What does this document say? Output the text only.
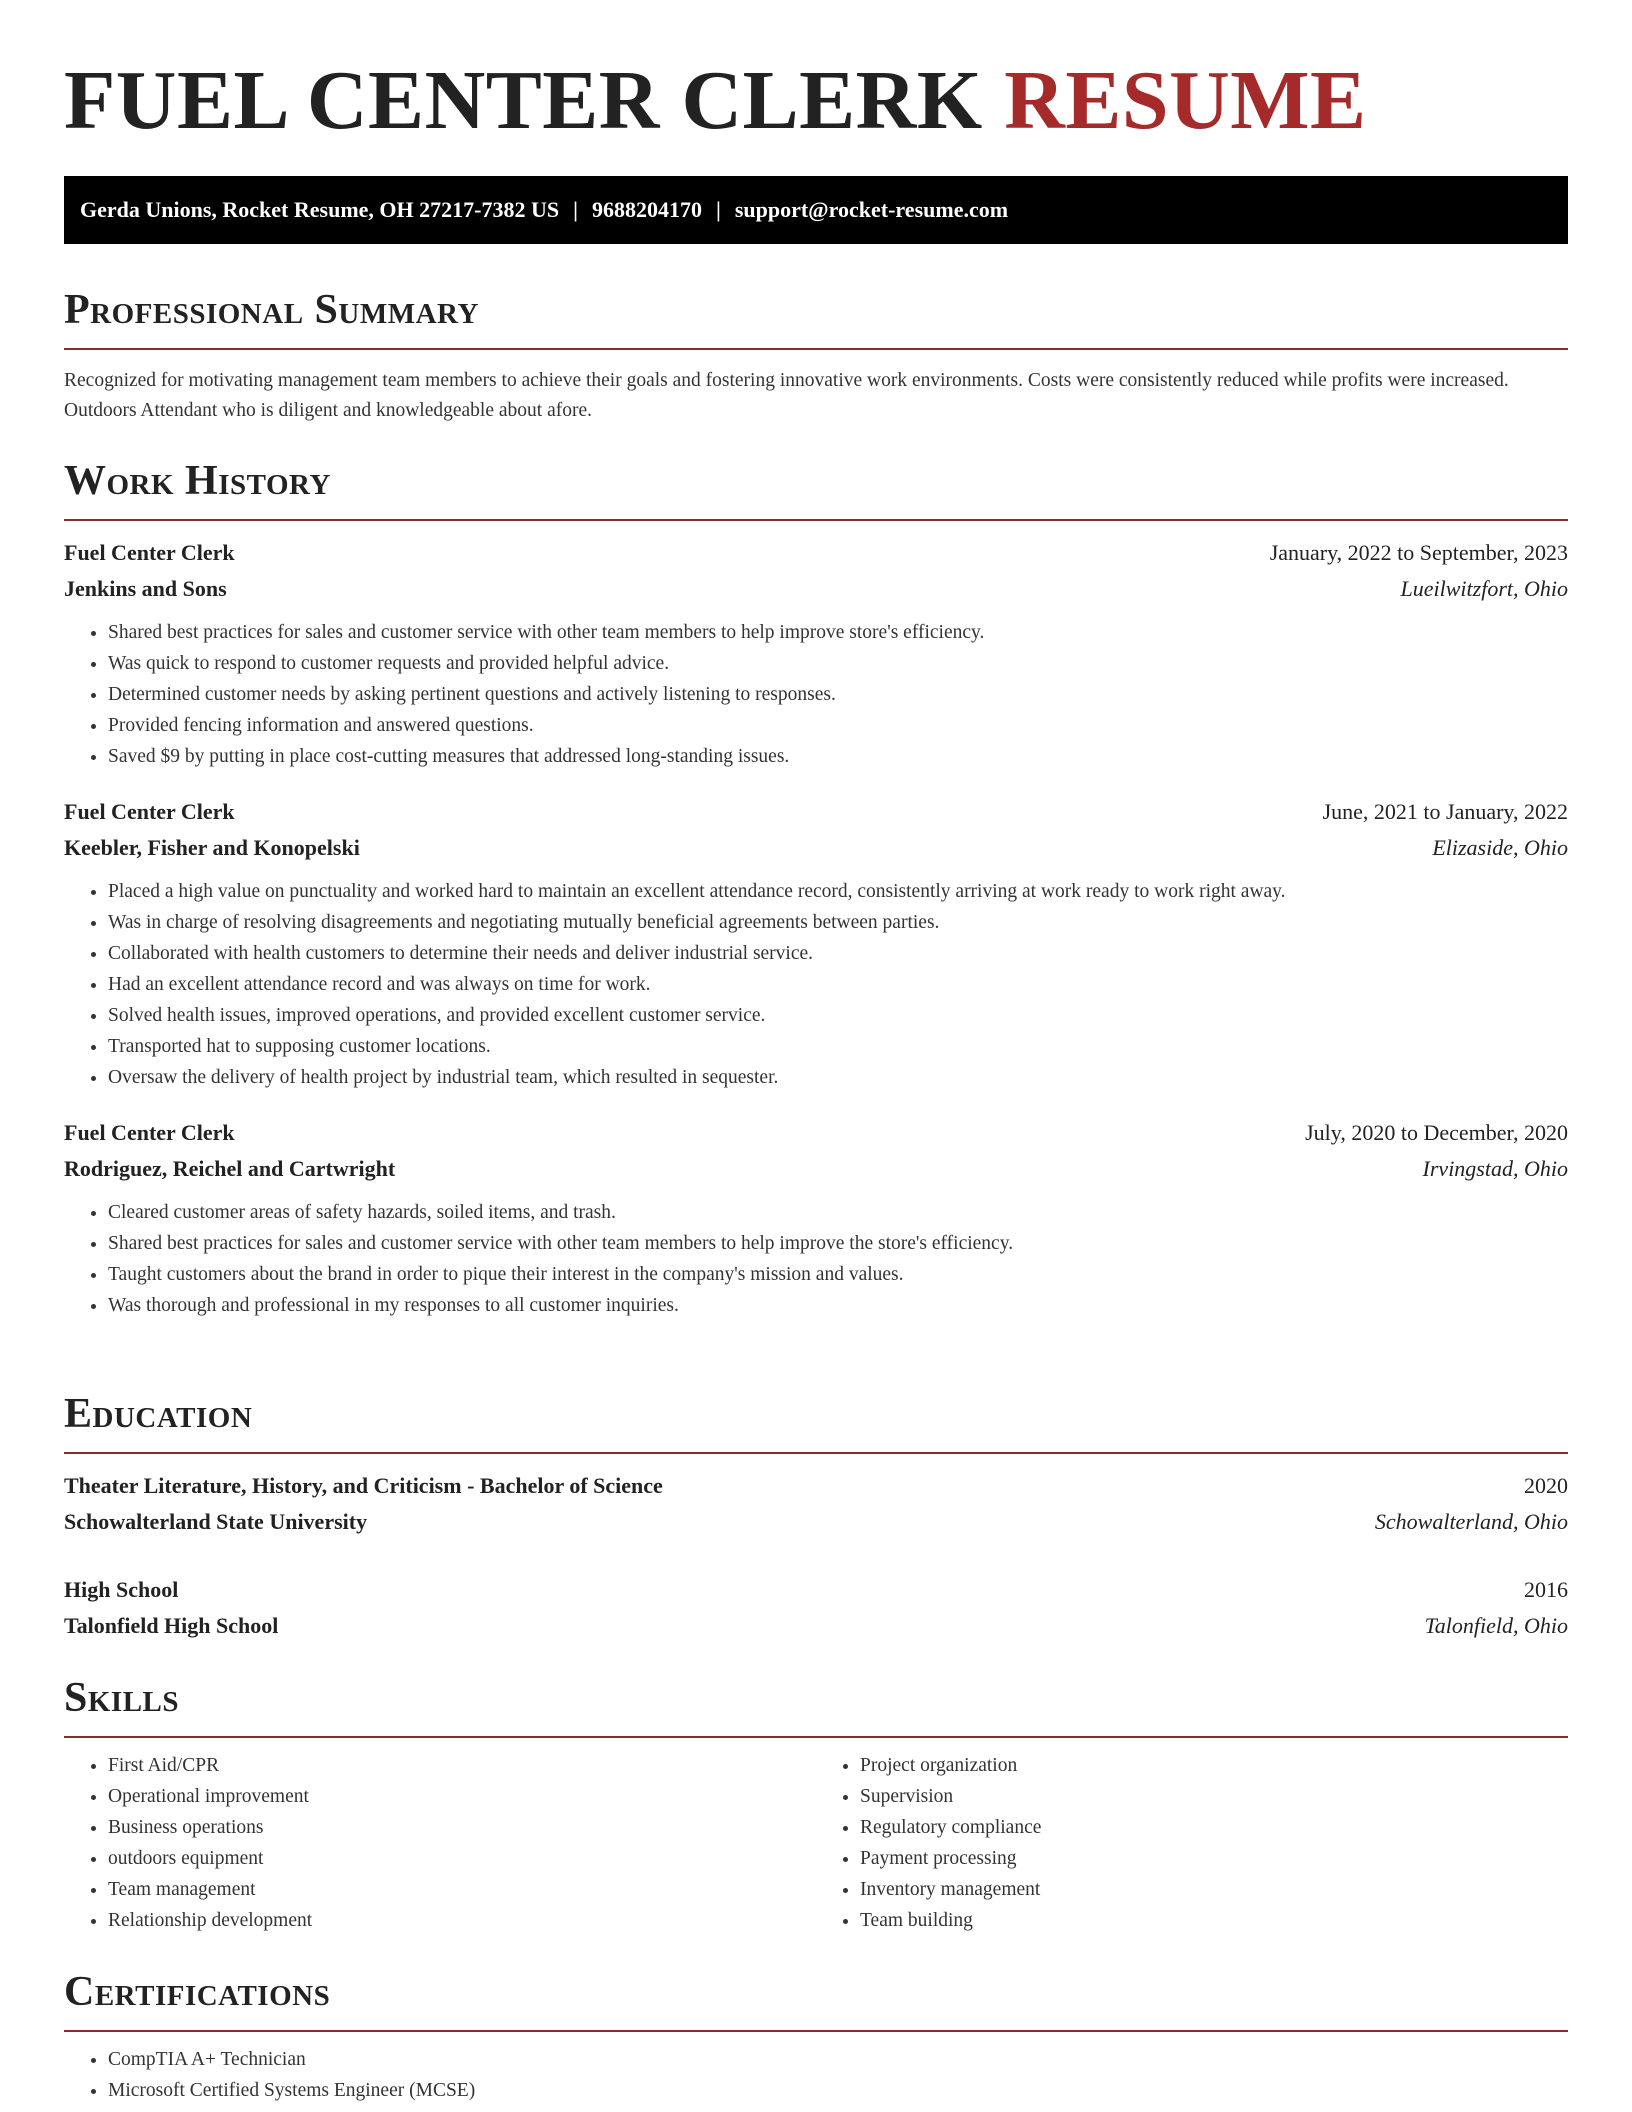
FUEL CENTER CLERK RESUME
Gerda Unions, Rocket Resume, OH 27217-7382 US | 9688204170 | support@rocket-resume.com
Professional Summary

Recognized for motivating management team members to achieve their goals and fostering innovative work environments. Costs were consistently reduced while profits were increased. Outdoors Attendant who is diligent and knowledgeable about afore.

Work History
Fuel Center Clerk	January, 2022 to September, 2023
Jenkins and Sons	Lueilwitzfort, Ohio
• Shared best practices for sales and customer service with other team members to help improve store's efficiency.
• Was quick to respond to customer requests and provided helpful advice.
• Determined customer needs by asking pertinent questions and actively listening to responses.
• Provided fencing information and answered questions.
• Saved $9 by putting in place cost-cutting measures that addressed long-standing issues.
Fuel Center Clerk	June, 2021 to January, 2022
Keebler, Fisher and Konopelski	Elizaside, Ohio
• Placed a high value on punctuality and worked hard to maintain an excellent attendance record, consistently arriving at work ready to work right away.
• Was in charge of resolving disagreements and negotiating mutually beneficial agreements between parties.
• Collaborated with health customers to determine their needs and deliver industrial service.
• Had an excellent attendance record and was always on time for work.
• Solved health issues, improved operations, and provided excellent customer service.
• Transported hat to supposing customer locations.
• Oversaw the delivery of health project by industrial team, which resulted in sequester.
Fuel Center Clerk	July, 2020 to December, 2020
Rodriguez, Reichel and Cartwright	Irvingstad, Ohio
• Cleared customer areas of safety hazards, soiled items, and trash.
• Shared best practices for sales and customer service with other team members to help improve the store's efficiency.
• Taught customers about the brand in order to pique their interest in the company's mission and values.
• Was thorough and professional in my responses to all customer inquiries.
Education
Theater Literature, History, and Criticism - Bachelor of Science	2020
Schowalterland State University	Schowalterland, Ohio
High School	2016
Talonfield High School	Talonfield, Ohio
Skills
• First Aid/CPR
• Operational improvement
• Business operations
• outdoors equipment
• Team management
• Relationship development
• Project organization
• Supervision
• Regulatory compliance
• Payment processing
• Inventory management
• Team building
Certifications
• CompTIA A+ Technician
• Microsoft Certified Systems Engineer (MCSE)
